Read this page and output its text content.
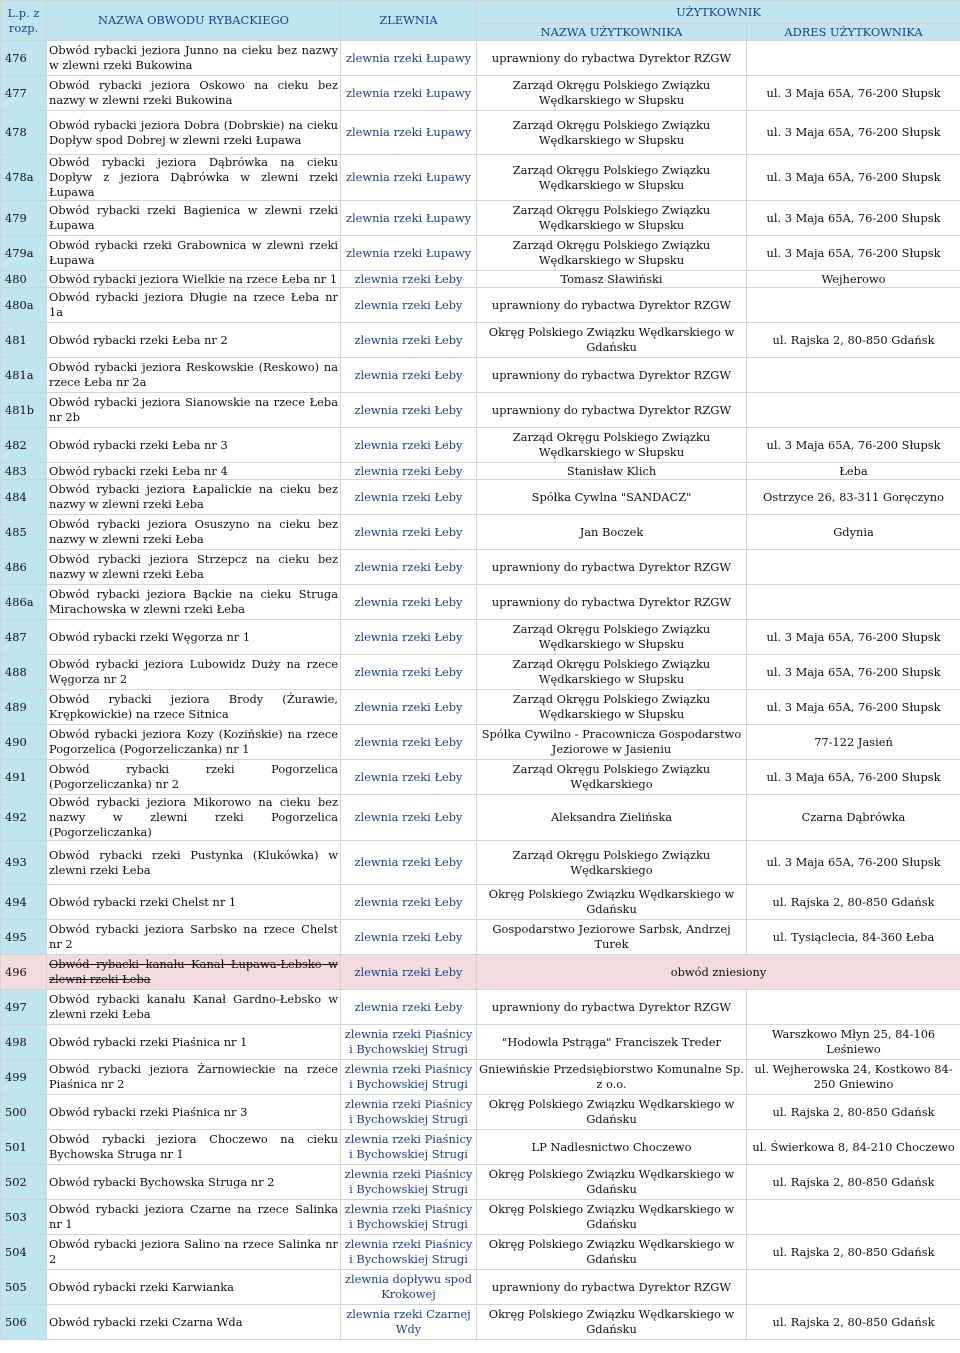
L.p. z rozp.	NAZWA OBWODU RYBACKIEGO	ZLEWNIA	UŻYTKOWNIK	
			NAZWA UŻYTKOWNIKA	ADRES UŻYTKOWNIKA
476	Obwód rybacki jeziora Junno na cieku bez nazwy w zlewni rzeki Bukowina	zlewnia rzeki Łupawy	uprawniony do rybactwa Dyrektor RZGW	
477	Obwód rybacki jeziora Oskowo na cieku bez nazwy w zlewni rzeki Bukowina	zlewnia rzeki Łupawy	Zarząd Okręgu Polskiego Związku Wędkarskiego w Słupsku	ul. 3 Maja 65A, 76-200 Słupsk
478	Obwód rybacki jeziora Dobra (Dobrskie) na cieku Dopływ spod Dobrej w zlewni rzeki Łupawa	zlewnia rzeki Łupawy	Zarząd Okręgu Polskiego Związku Wędkarskiego w Słupsku	ul. 3 Maja 65A, 76-200 Słupsk
478a	Obwód rybacki jeziora Dąbrówka na cieku Dopływ z jeziora Dąbrówka w zlewni rzeki Łupawa	zlewnia rzeki Łupawy	Zarząd Okręgu Polskiego Związku Wędkarskiego w Słupsku	ul. 3 Maja 65A, 76-200 Słupsk
479	Obwód rybacki rzeki Bagienica w zlewni rzeki Łupawa	zlewnia rzeki Łupawy	Zarząd Okręgu Polskiego Związku Wędkarskiego w Słupsku	ul. 3 Maja 65A, 76-200 Słupsk
479a	Obwód rybacki rzeki Grabownica w zlewni rzeki Łupawa	zlewnia rzeki Łupawy	Zarząd Okręgu Polskiego Związku Wędkarskiego w Słupsku	ul. 3 Maja 65A, 76-200 Słupsk
480	Obwód rybacki jeziora Wielkie na rzece Łeba nr 1	zlewnia rzeki Łeby	Tomasz Sławiński	Wejherowo
480a	Obwód rybacki jeziora Długie na rzece Łeba nr 1a	zlewnia rzeki Łeby	uprawniony do rybactwa Dyrektor RZGW	
481	Obwód rybacki rzeki Łeba nr 2	zlewnia rzeki Łeby	Okręg Polskiego Związku Wędkarskiego w Gdańsku	ul. Rajska 2, 80-850 Gdańsk
481a	Obwód rybacki jeziora Reskowskie (Reskowo) na rzece Łeba nr 2a	zlewnia rzeki Łeby	uprawniony do rybactwa Dyrektor RZGW	
481b	Obwód rybacki jeziora Sianowskie na rzece Łeba nr 2b	zlewnia rzeki Łeby	uprawniony do rybactwa Dyrektor RZGW	
482	Obwód rybacki rzeki Łeba nr 3	zlewnia rzeki Łeby	Zarząd Okręgu Polskiego Związku Wędkarskiego w Słupsku	ul. 3 Maja 65A, 76-200 Słupsk
483	Obwód rybacki rzeki Łeba nr 4	zlewnia rzeki Łeby	Stanisław Klich	Łeba
484	Obwód rybacki jeziora Łapalickie na cieku bez nazwy w zlewni rzeki Łeba	zlewnia rzeki Łeby	Spółka Cywlna "SANDACZ"	Ostrzyce 26, 83-311 Goręczyno
485	Obwód rybacki jeziora Osuszyno na cieku bez nazwy w zlewni rzeki Łeba	zlewnia rzeki Łeby	Jan Boczek	Gdynia
486	Obwód rybacki jeziora Strzepcz na cieku bez nazwy w zlewni rzeki Łeba	zlewnia rzeki Łeby	uprawniony do rybactwa Dyrektor RZGW	
486a	Obwód rybacki jeziora Bąckie na cieku Struga Mirachowska w zlewni rzeki Łeba	zlewnia rzeki Łeby	uprawniony do rybactwa Dyrektor RZGW	
487	Obwód rybacki rzeki Węgorza nr 1	zlewnia rzeki Łeby	Zarząd Okręgu Polskiego Związku Wędkarskiego w Słupsku	ul. 3 Maja 65A, 76-200 Słupsk
488	Obwód rybacki jeziora Lubowidz Duży na rzece Węgorza nr 2	zlewnia rzeki Łeby	Zarząd Okręgu Polskiego Związku Wędkarskiego w Słupsku	ul. 3 Maja 65A, 76-200 Słupsk
489	Obwód rybacki jeziora Brody (Żurawie, Krępkowickie) na rzece Sitnica	zlewnia rzeki Łeby	Zarząd Okręgu Polskiego Związku Wędkarskiego w Słupsku	ul. 3 Maja 65A, 76-200 Słupsk
490	Obwód rybacki jeziora Kozy (Kozińskie) na rzece Pogorzelica (Pogorzeliczanka) nr 1	zlewnia rzeki Łeby	Spółka Cywilno - Pracownicza Gospodarstwo Jeziorowe w Jasieniu	77-122 Jasień
491	Obwód rybacki rzeki Pogorzelica (Pogorzeliczanka) nr 2	zlewnia rzeki Łeby	Zarząd Okręgu Polskiego Związku Wędkarskiego	ul. 3 Maja 65A, 76-200 Słupsk
492	Obwód rybacki jeziora Mikorowo na cieku bez nazwy w zlewni rzeki Pogorzelica (Pogorzeliczanka)	zlewnia rzeki Łeby	Aleksandra Zielińska	Czarna Dąbrówka
493	Obwód rybacki rzeki Pustynka (Klukówka) w zlewni rzeki Łeba	zlewnia rzeki Łeby	Zarząd Okręgu Polskiego Związku Wędkarskiego	ul. 3 Maja 65A, 76-200 Słupsk
494	Obwód rybacki rzeki Chelst nr 1	zlewnia rzeki Łeby	Okręg Polskiego Związku Wędkarskiego w Gdańsku	ul. Rajska 2, 80-850 Gdańsk
495	Obwód rybacki jeziora Sarbsko na rzece Chelst nr 2	zlewnia rzeki Łeby	Gospodarstwo Jeziorowe Sarbsk, Andrzej Turek	ul. Tysiąclecia, 84-360 Łeba
496	Obwód rybacki kanału Kanał Łupawa-Łebsko w zlewni rzeki Łeba	zlewnia rzeki Łeby	obwód zniesiony	
497	Obwód rybacki kanału Kanał Gardno-Łebsko w zlewni rzeki Łeba	zlewnia rzeki Łeby	uprawniony do rybactwa Dyrektor RZGW	
498	Obwód rybacki rzeki Piaśnica nr 1	zlewnia rzeki Piaśnicy i Bychowskiej Strugi	"Hodowla Pstrąga" Franciszek Treder	Warszkowo Młyn 25, 84-106 Leśniewo
499	Obwód rybacki jeziora Żarnowieckie na rzece Piaśnica nr 2	zlewnia rzeki Piaśnicy i Bychowskiej Strugi	Gniewińskie Przedsiębiorstwo Komunalne Sp. z o.o.	ul. Wejherowska 24, Kostkowo 84-250 Gniewino
500	Obwód rybacki rzeki Piaśnica nr 3	zlewnia rzeki Piaśnicy i Bychowskiej Strugi	Okręg Polskiego Związku Wędkarskiego w Gdańsku	ul. Rajska 2, 80-850 Gdańsk
501	Obwód rybacki jeziora Choczewo na cieku Bychowska Struga nr 1	zlewnia rzeki Piaśnicy i Bychowskiej Strugi	LP Nadlesnictwo Choczewo	ul. Świerkowa 8, 84-210 Choczewo
502	Obwód rybacki Bychowska Struga nr 2	zlewnia rzeki Piaśnicy i Bychowskiej Strugi	Okręg Polskiego Związku Wędkarskiego w Gdańsku	ul. Rajska 2, 80-850 Gdańsk
503	Obwód rybacki jeziora Czarne na rzece Salinka nr 1	zlewnia rzeki Piaśnicy i Bychowskiej Strugi	Okręg Polskiego Związku Wędkarskiego w Gdańsku	
504	Obwód rybacki jeziora Salino na rzece Salinka nr 2	zlewnia rzeki Piaśnicy i Bychowskiej Strugi	Okręg Polskiego Związku Wędkarskiego w Gdańsku	ul. Rajska 2, 80-850 Gdańsk
505	Obwód rybacki rzeki Karwianka	zlewnia dopływu spod Krokowej	uprawniony do rybactwa Dyrektor RZGW	
506	Obwód rybacki rzeki Czarna Wda	zlewnia rzeki Czarnej Wdy	Okręg Polskiego Związku Wędkarskiego w Gdańsku	ul. Rajska 2, 80-850 Gdańsk
